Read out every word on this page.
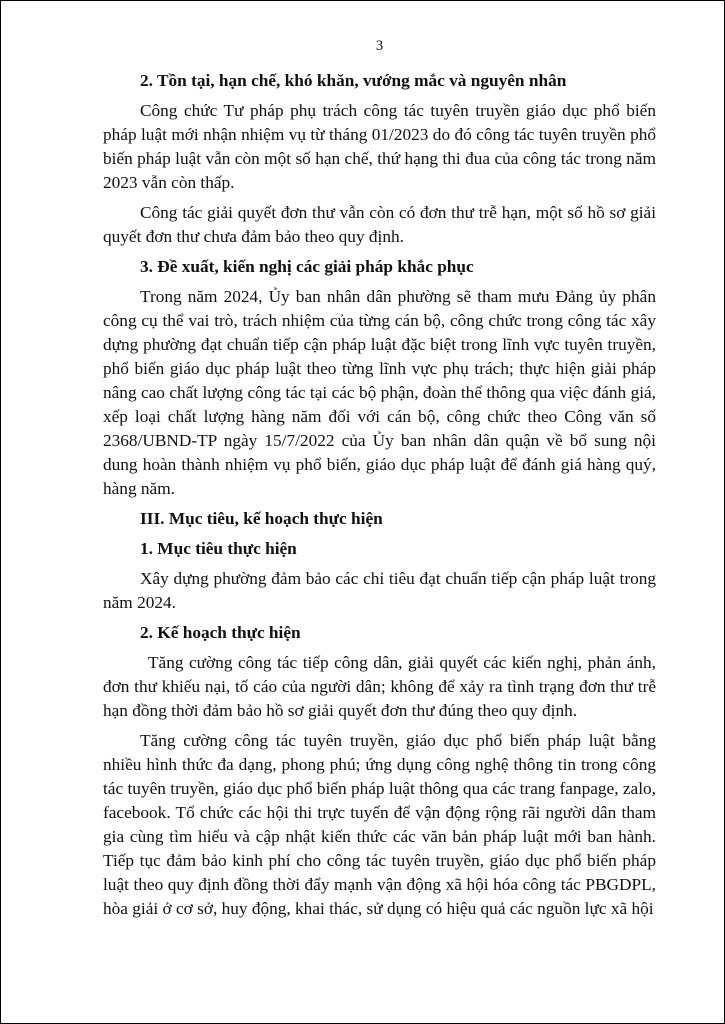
3
2. Tồn tại, hạn chế, khó khăn, vướng mắc và nguyên nhân
Công chức Tư pháp phụ trách công tác tuyên truyền giáo dục phổ biến pháp luật mới nhận nhiệm vụ từ tháng 01/2023 do đó công tác tuyên truyền phổ biến pháp luật vẫn còn một số hạn chế, thứ hạng thi đua của công tác trong năm 2023 vẫn còn thấp.
Công tác giải quyết đơn thư vẫn còn có đơn thư trễ hạn, một số hồ sơ giải quyết đơn thư chưa đảm bảo theo quy định.
3. Đề xuất, kiến nghị các giải pháp khắc phục
Trong năm 2024, Ủy ban nhân dân phường sẽ tham mưu Đảng ủy phân công cụ thể vai trò, trách nhiệm của từng cán bộ, công chức trong công tác xây dựng phường đạt chuẩn tiếp cận pháp luật đặc biệt trong lĩnh vực tuyên truyền, phổ biến giáo dục pháp luật theo từng lĩnh vực phụ trách; thực hiện giải pháp nâng cao chất lượng công tác tại các bộ phận, đoàn thể thông qua việc đánh giá, xếp loại chất lượng hàng năm đối với cán bộ, công chức theo Công văn số 2368/UBND-TP ngày 15/7/2022 của Ủy ban nhân dân quận về bổ sung nội dung hoàn thành nhiệm vụ phổ biến, giáo dục pháp luật để đánh giá hàng quý, hàng năm.
III. Mục tiêu, kế hoạch thực hiện
1. Mục tiêu thực hiện
Xây dựng phường đảm bảo các chỉ tiêu đạt chuẩn tiếp cận pháp luật trong năm 2024.
2. Kế hoạch thực hiện
Tăng cường công tác tiếp công dân, giải quyết các kiến nghị, phản ánh, đơn thư khiếu nại, tố cáo của người dân; không để xảy ra tình trạng đơn thư trễ hạn đồng thời đảm bảo hồ sơ giải quyết đơn thư đúng theo quy định.
Tăng cường công tác tuyên truyền, giáo dục phổ biến pháp luật bằng nhiều hình thức đa dạng, phong phú; ứng dụng công nghệ thông tin trong công tác tuyên truyền, giáo dục phổ biến pháp luật thông qua các trang fanpage, zalo, facebook. Tổ chức các hội thi trực tuyến để vận động rộng rãi người dân tham gia cùng tìm hiểu và cập nhật kiến thức các văn bản pháp luật mới ban hành. Tiếp tục đảm bảo kinh phí cho công tác tuyên truyền, giáo dục phổ biến pháp luật theo quy định đồng thời đẩy mạnh vận động xã hội hóa công tác PBGDPL, hòa giải ở cơ sở, huy động, khai thác, sử dụng có hiệu quả các nguồn lực xã hội
